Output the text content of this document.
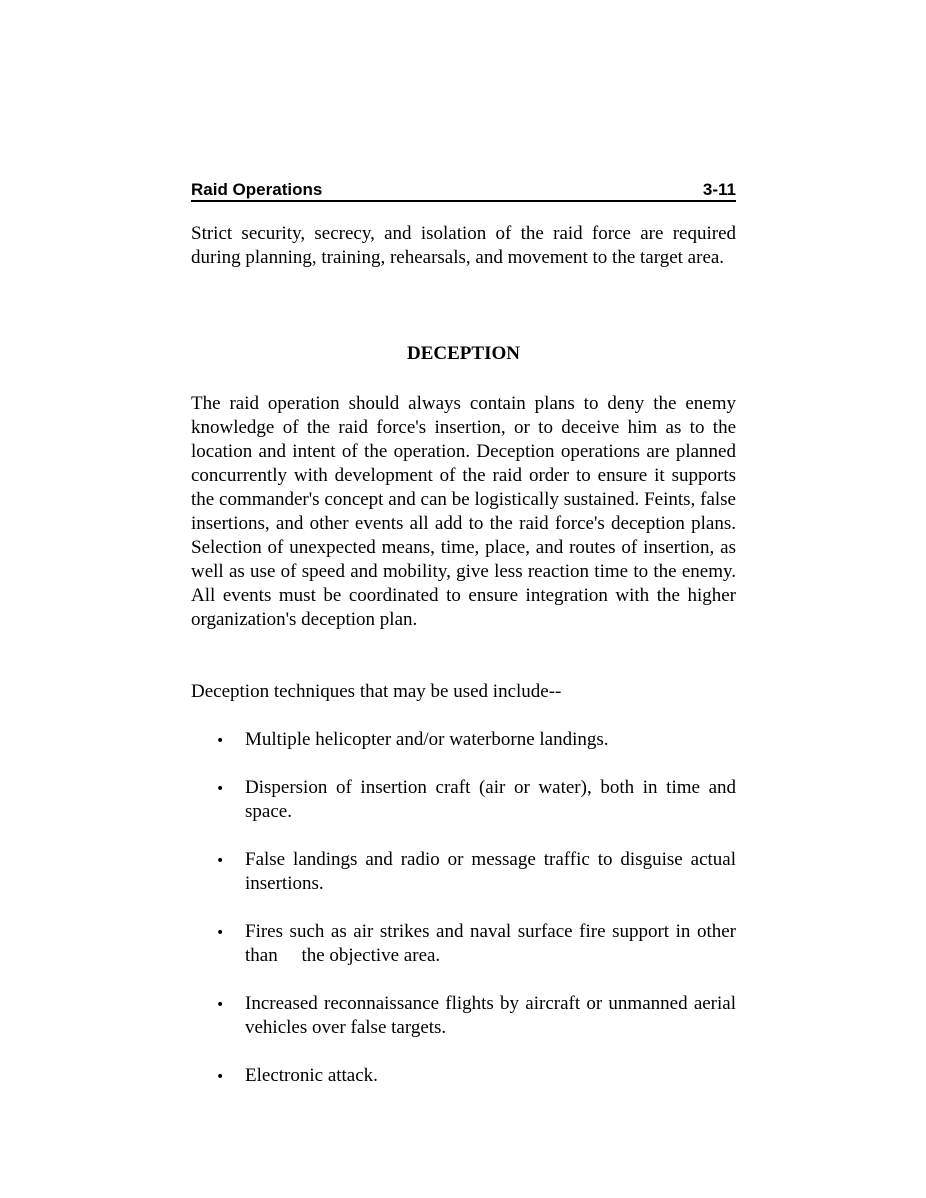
Raid Operations	3-11

Strict security, secrecy, and isolation of the raid force are required during planning, training, rehearsals, and movement to the target area.

DECEPTION

The raid operation should always contain plans to deny the enemy knowledge of the raid force's insertion, or to deceive him as to the location and intent of the operation. Deception operations are planned concurrently with development of the raid order to ensure it supports the commander's concept and can be logistically sustained. Feints, false insertions, and other events all add to the raid force's deception plans. Selection of unexpected means, time, place, and routes of insertion, as well as use of speed and mobility, give less reaction time to the enemy. All events must be coordinated to ensure integration with the higher organization's deception plan.

Deception techniques that may be used include--

• Multiple helicopter and/or waterborne landings.
• Dispersion of insertion craft (air or water), both in time and space.
• False landings and radio or message traffic to disguise actual insertions.
• Fires such as air strikes and naval surface fire support in other than     the objective area.
• Increased reconnaissance flights by aircraft or unmanned aerial vehicles over false targets.
• Electronic attack.
